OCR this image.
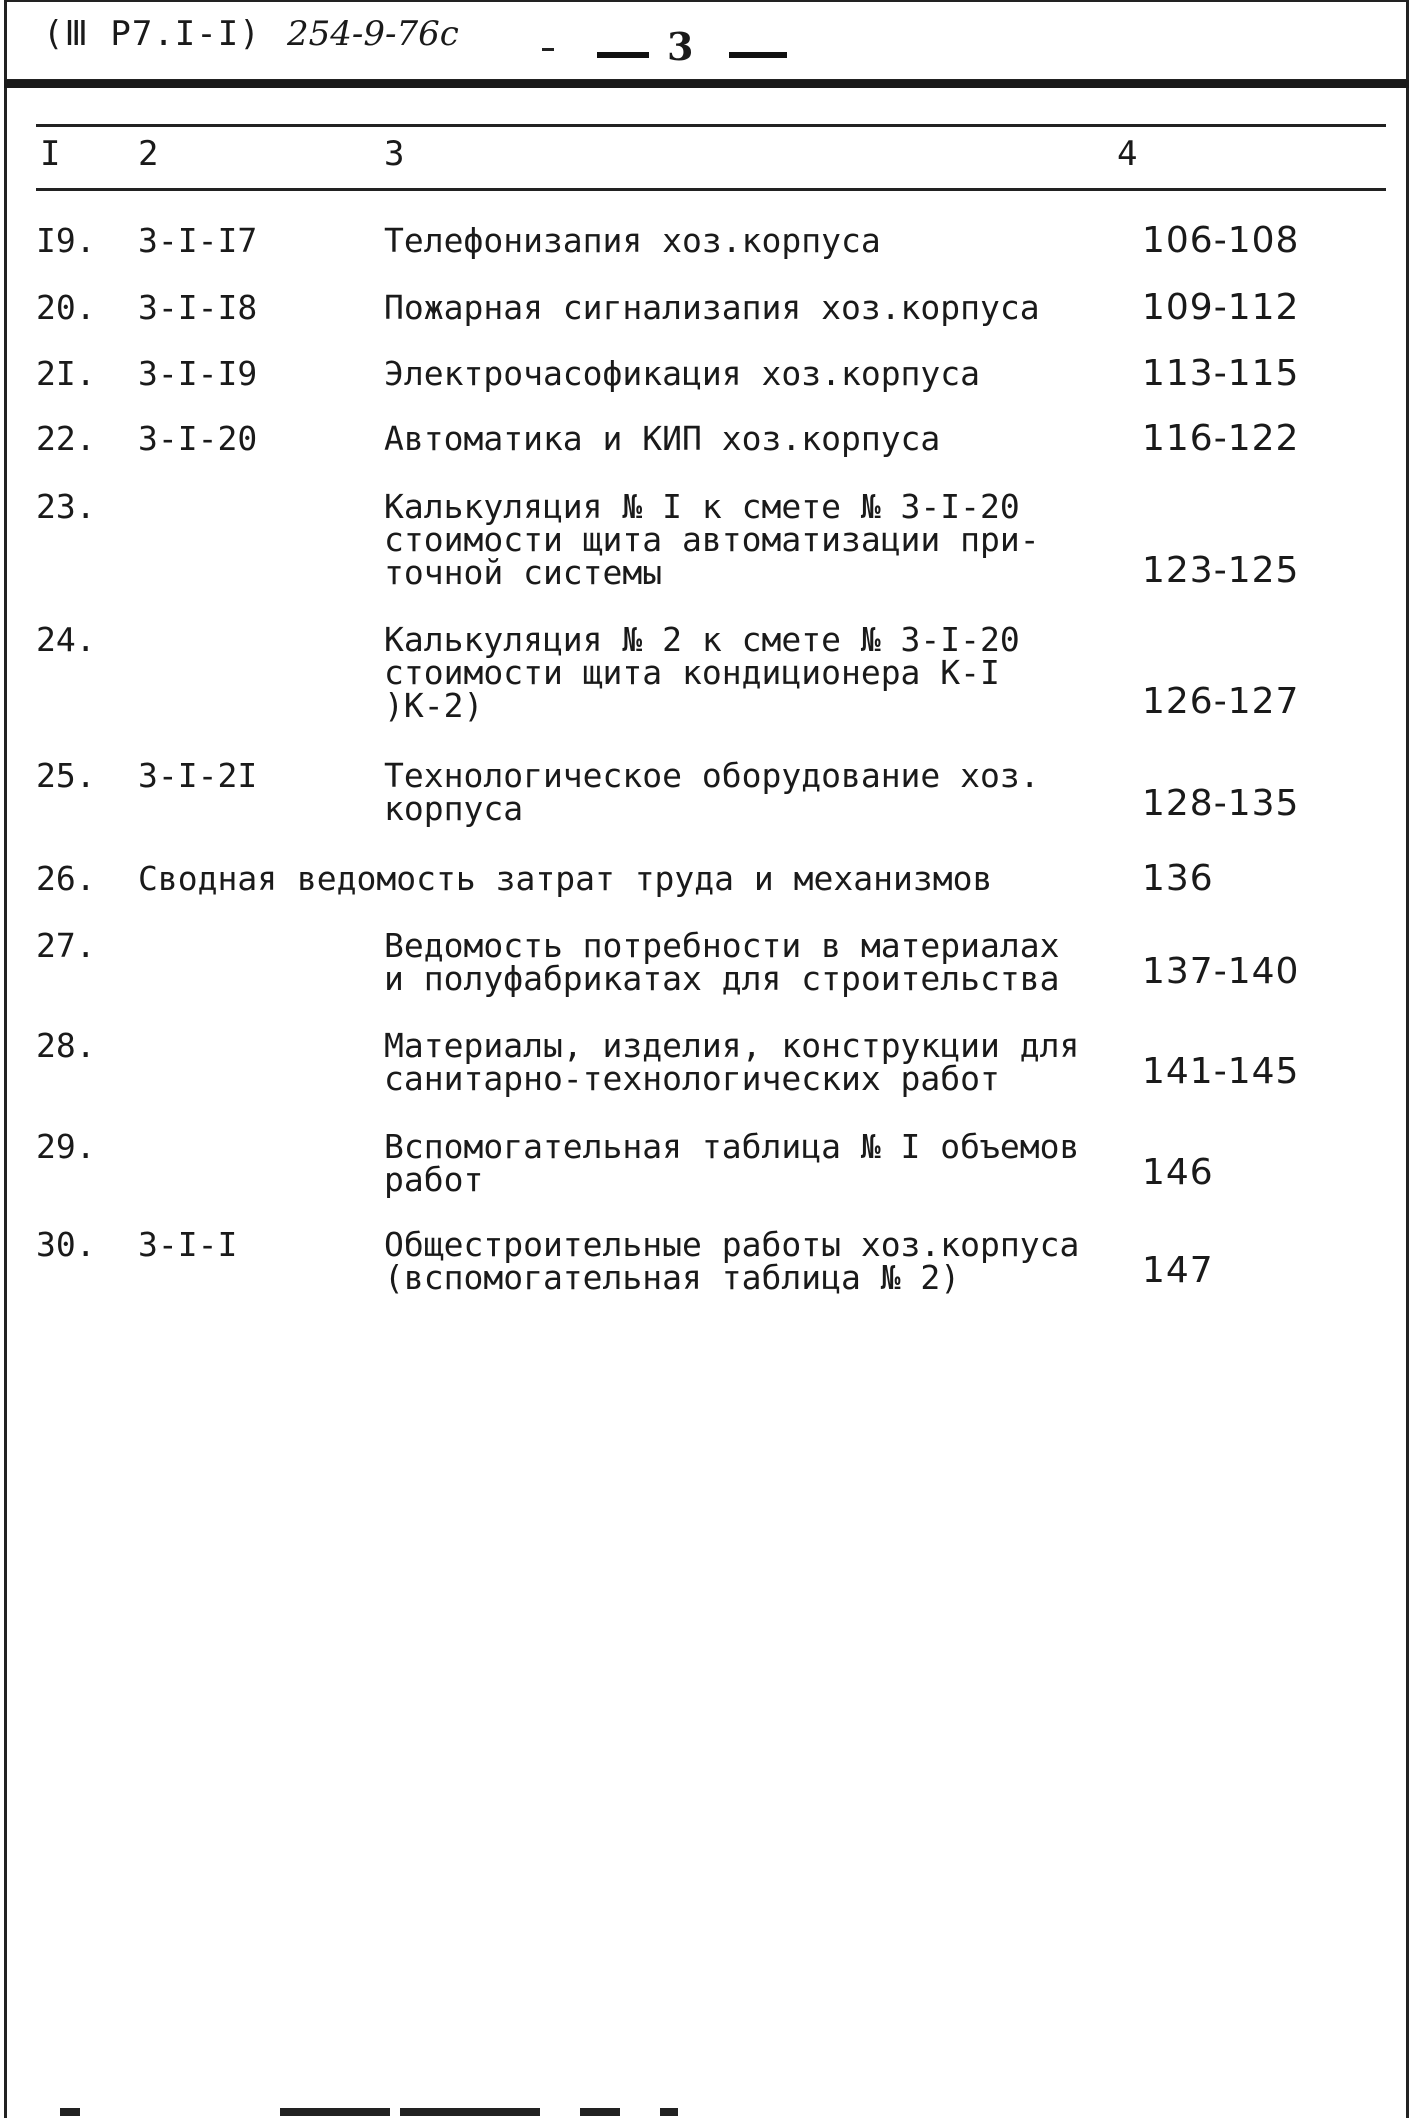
(Ⅲ Р7.I-I) 254-9-76с	3
I 2	3	4
I9. 3-I-I7	Телефонизапия хоз.корпуса	106-108
20. 3-I-I8	Пожарная сигнализапия хоз.корпуса	109-112
2I. 3-I-I9	Электрочасофикация хоз.корпуса	113-115
22. 3-I-20	Автоматика и КИП хоз.корпуса	116-122
23.	Калькуляция № I к смете № 3-I-20
стоимости щита автоматизации при-
точной системы	123-125
24.	Калькуляция № 2 к смете № 3-I-20
стоимости щита кондиционера К-I
)К-2)	126-127
25. 3-I-2I	Технологическое оборудование хоз.
корпуса	128-135
26. Сводная ведомость затрат труда и механизмов	136
27.	Ведомость потребности в материалах
и полуфабрикатах для строительства	137-140
28.	Материалы, изделия, конструкции для
санитарно-технологических работ	141-145
29.	Вспомогательная таблица № I объемов
работ	146
30. 3-I-I	Общестроительные работы хоз.корпуса
(вспомогательная таблица № 2)	147
